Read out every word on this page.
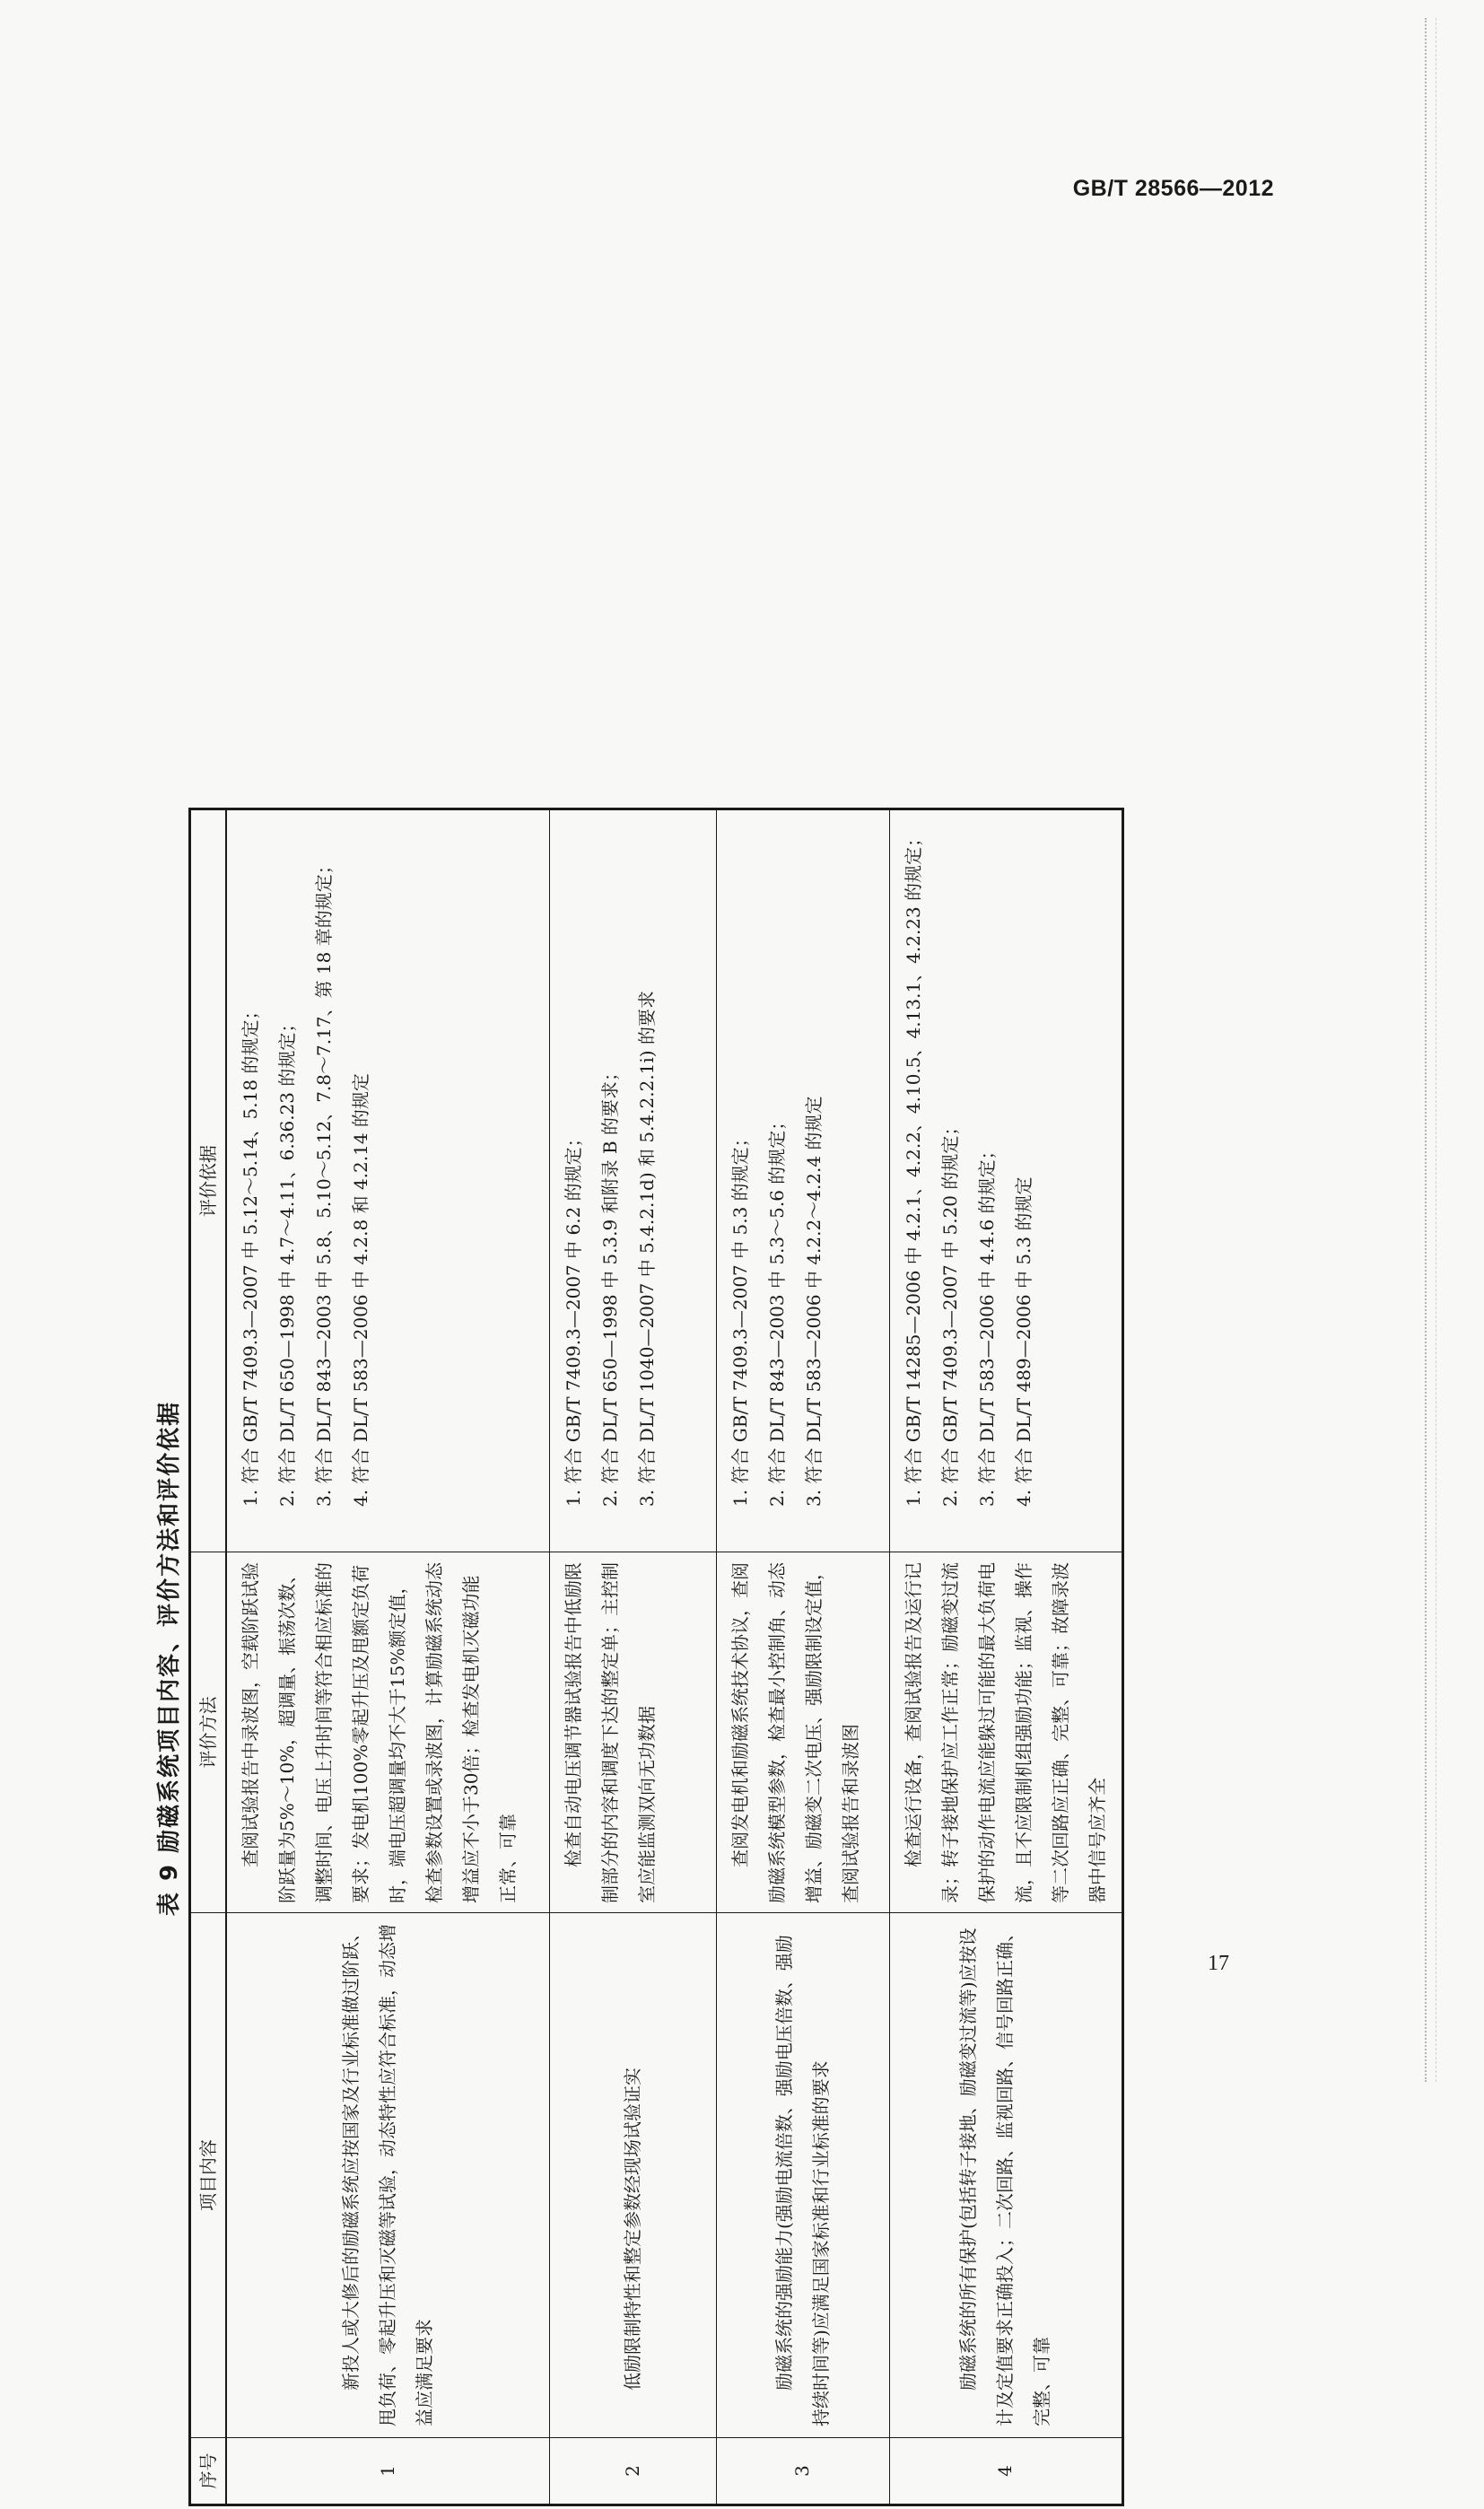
GB/T 28566—2012
表 9 励磁系统项目内容、评价方法和评价依据
序号	项目内容	评价方法	评价依据
1	新投人或大修后的励磁系统应按国家及行业标准做过阶跃、甩负荷、零起升压和灭磁等试验，动态特性应符合标准，动态增益应满足要求	查阅试验报告中录波图，空载阶跃试验阶跃量为5%～10%，超调量、振荡次数、调整时间、电压上升时间等符合相应标准的要求；发电机100%零起升压及甩额定负荷时，端电压超调量均不大于15%额定值，检查参数设置或录波图，计算励磁系统动态增益应不小于30倍；检查发电机灭磁功能正常、可靠	1. 符合 GB/T 7409.3—2007 中 5.12～5.14、5.18 的规定； 2. 符合 DL/T 650—1998 中 4.7～4.11、6.36.23 的规定； 3. 符合 DL/T 843—2003 中 5.8、5.10～5.12、7.8～7.17、第 18 章的规定； 4. 符合 DL/T 583—2006 中 4.2.8 和 4.2.14 的规定

2	低励限制特性和整定参数经现场试验证实	检查自动电压调节器试验报告中低励限制部分的内容和调度下达的整定单；主控制室应能监测双向无功数据	1. 符合 GB/T 7409.3—2007 中 6.2 的规定； 2. 符合 DL/T 650—1998 中 5.3.9 和附录 B 的要求； 3. 符合 DL/T 1040—2007 中 5.4.2.1d) 和 5.4.2.2.1i) 的要求

3	励磁系统的强励能力(强励电流倍数、强励电压倍数、强励持续时间等)应满足国家标准和行业标准的要求	查阅发电机和励磁系统技术协议，查阅励磁系统模型参数，检查最小控制角、动态增益、励磁变二次电压、强励限制设定值，查阅试验报告和录波图	1. 符合 GB/T 7409.3—2007 中 5.3 的规定； 2. 符合 DL/T 843—2003 中 5.3～5.6 的规定； 3. 符合 DL/T 583—2006 中 4.2.2～4.2.4 的规定

4	励磁系统的所有保护(包括转子接地、励磁变过流等)应按设计及定值要求正确投入；二次回路、监视回路、信号回路正确、完整、可靠	检查运行设备，查阅试验报告及运行记录；转子接地保护应工作正常；励磁变过流保护的动作电流应能躲过可能的最大负荷电流，且不应限制机组强励功能；监视、操作等二次回路应正确、完整、可靠；故障录波器中信号应齐全	1. 符合 GB/T 14285—2006 中 4.2.1、4.2.2、4.10.5、4.13.1、4.2.23 的规定； 2. 符合 GB/T 7409.3—2007 中 5.20 的规定； 3. 符合 DL/T 583—2006 中 4.4.6 的规定； 4. 符合 DL/T 489—2006 中 5.3 的规定
17
